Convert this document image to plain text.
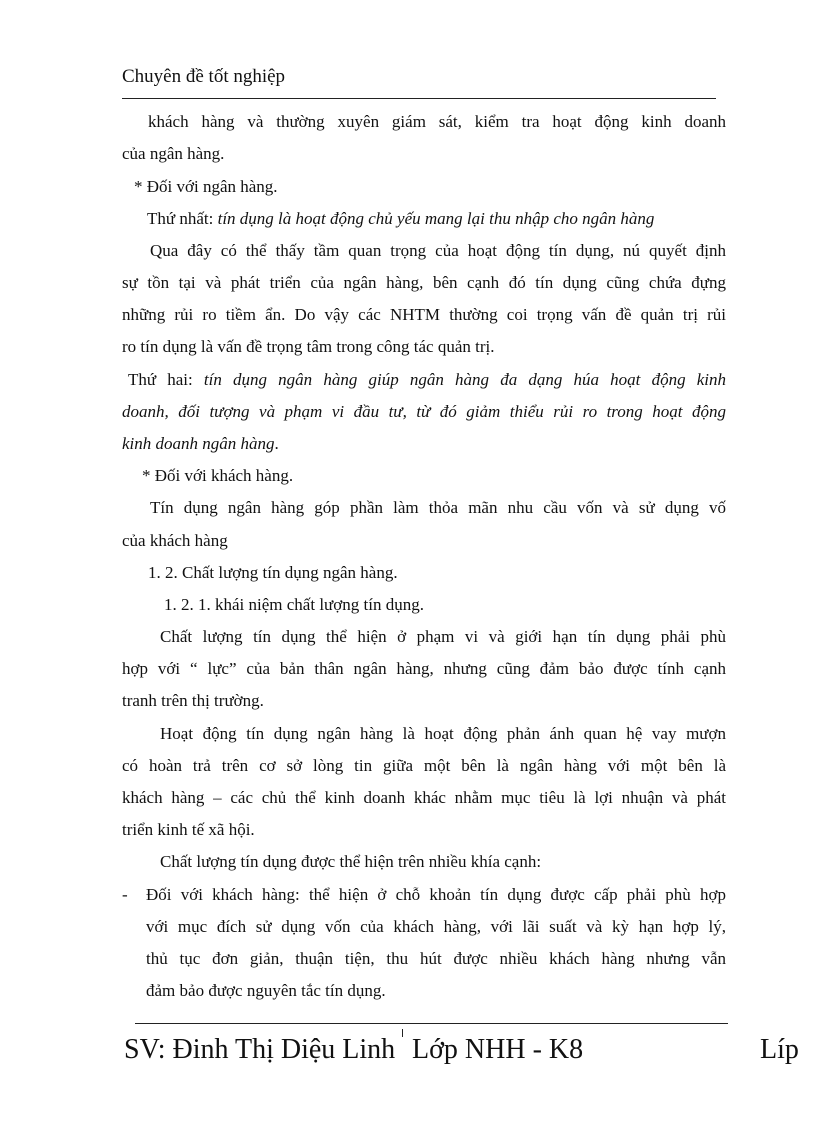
Chuyên đề tốt nghiệp
khách hàng và thường xuyên giám sát, kiểm tra hoạt động kinh doanh
của ngân hàng.
* Đối với ngân hàng.
Thứ nhất: tín dụng là hoạt động chủ yếu mang lại thu nhập cho ngân hàng
Qua đây có thể thấy tầm quan trọng của hoạt động tín dụng, nú quyết định
sự tồn tại và phát triển của ngân hàng, bên cạnh đó tín dụng cũng chứa đựng
những rủi ro tiềm ẩn. Do vậy các NHTM thường coi trọng vấn đề quản trị rủi
ro tín dụng là vấn đề trọng tâm trong công tác quản trị.
Thứ hai: tín dụng ngân hàng giúp ngân hàng đa dạng húa hoạt động kinh
doanh, đối tượng và phạm vi đầu tư, từ đó giảm thiểu rủi ro trong hoạt động
kinh doanh ngân hàng.
* Đối với khách hàng.
Tín dụng ngân hàng góp phần làm thỏa mãn nhu cầu vốn và sử dụng vố
của khách hàng
1. 2. Chất lượng tín dụng ngân hàng.
1. 2. 1. khái niệm chất lượng tín dụng.
Chất lượng tín dụng thể hiện ở phạm vi và giới hạn tín dụng phải phù
hợp với “ lực” của bản thân ngân hàng, nhưng cũng đảm bảo được tính cạnh
tranh trên thị trường.
Hoạt động tín dụng ngân hàng là hoạt động phản ánh quan hệ vay mượn
có hoàn trả trên cơ sở lòng tin giữa một bên là ngân hàng với một bên là
khách hàng – các chủ thể kinh doanh khác nhằm mục tiêu là lợi nhuận và phát
triển kinh tế xã hội.
Chất lượng tín dụng được thể hiện trên nhiều khía cạnh:
-	Đối với khách hàng: thể hiện ở chỗ khoản tín dụng được cấp phải phù hợp
với mục đích sử dụng vốn của khách hàng, với lãi suất và kỳ hạn hợp lý,
thủ tục đơn giản, thuận tiện, thu hút được nhiều khách hàng nhưng vẫn
đảm bảo được nguyên tắc tín dụng.
SV: Đinh Thị Diệu Linh Lớp NHH - K8	Líp
